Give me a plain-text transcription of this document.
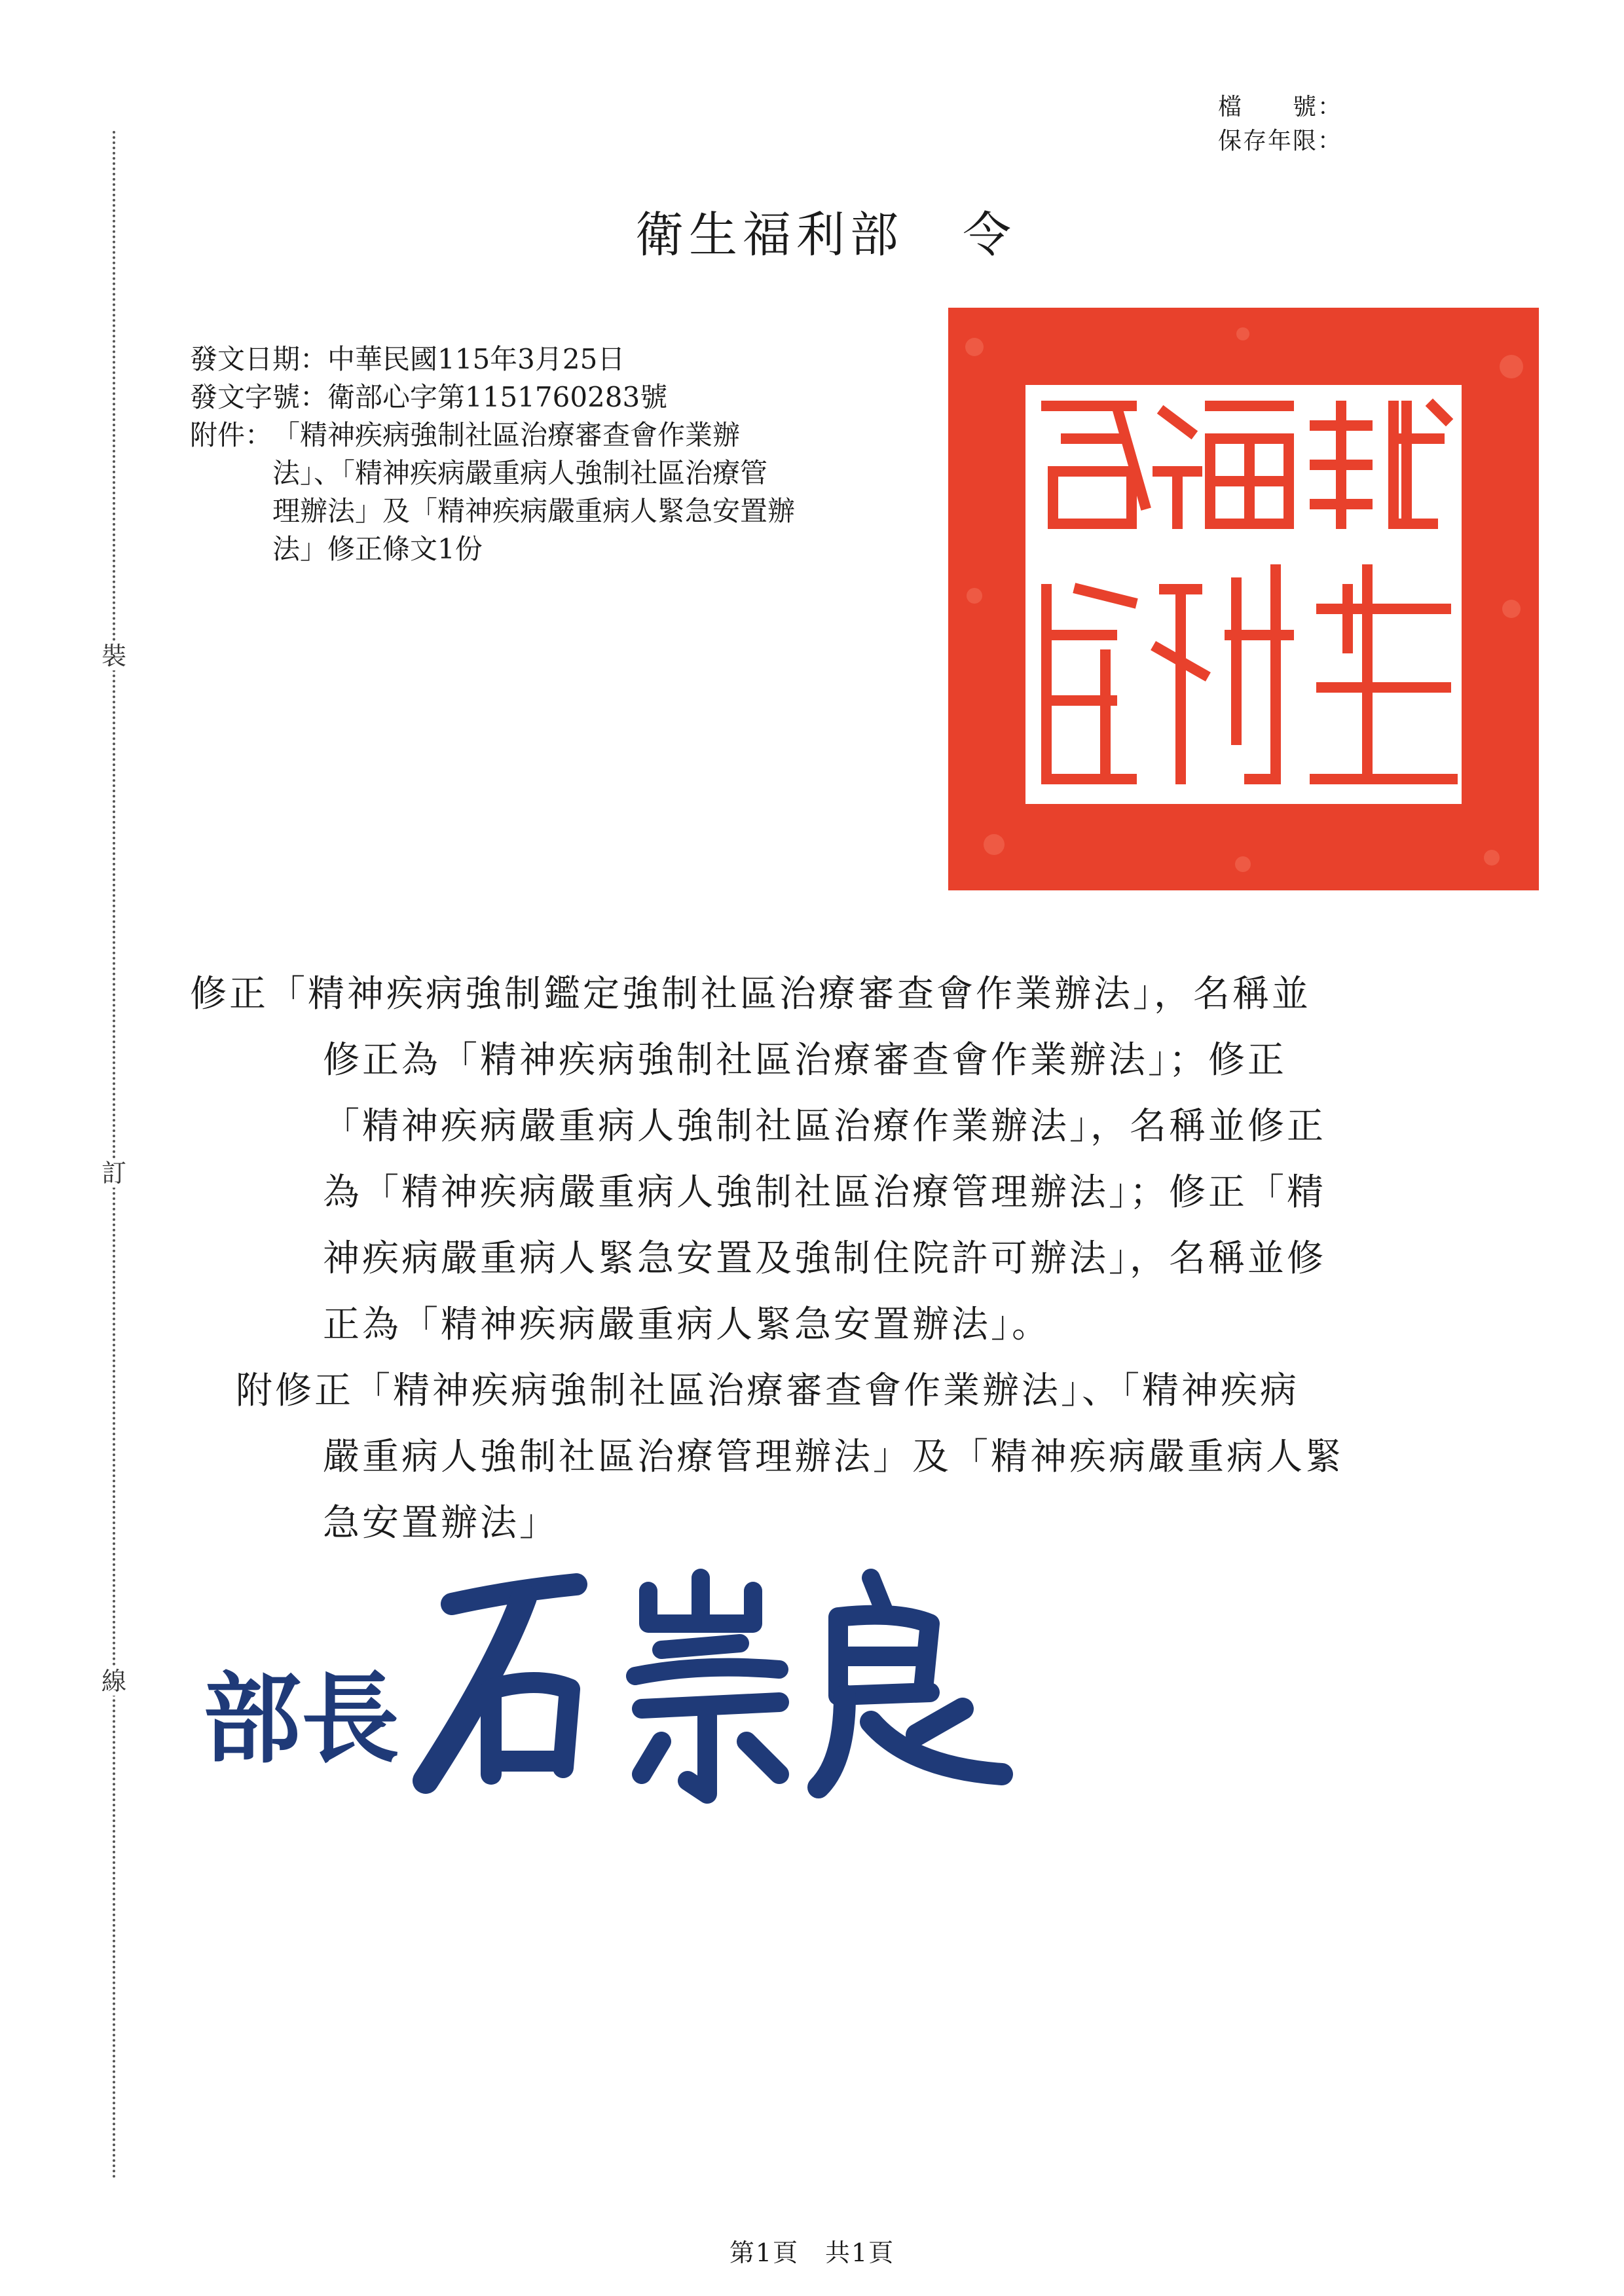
裝
訂
線
檔　　號：
保存年限：
衛生福利部 令
發文日期：中華民國115年3月25日
發文字號：衛部心字第1151760283號
附件： 「精神疾病強制社區治療審查會作業辦
法」、「精神疾病嚴重病人強制社區治療管
理辦法」及「精神疾病嚴重病人緊急安置辦
法」修正條文1份
修正「精神疾病強制鑑定強制社區治療審查會作業辦法」，名稱並
修正為「精神疾病強制社區治療審查會作業辦法」；修正
「精神疾病嚴重病人強制社區治療作業辦法」，名稱並修正
為「精神疾病嚴重病人強制社區治療管理辦法」；修正「精
神疾病嚴重病人緊急安置及強制住院許可辦法」，名稱並修
正為「精神疾病嚴重病人緊急安置辦法」。
附修正「精神疾病強制社區治療審查會作業辦法」、「精神疾病
嚴重病人強制社區治療管理辦法」及「精神疾病嚴重病人緊
急安置辦法」
部長
石崇良
第1頁 共1頁
